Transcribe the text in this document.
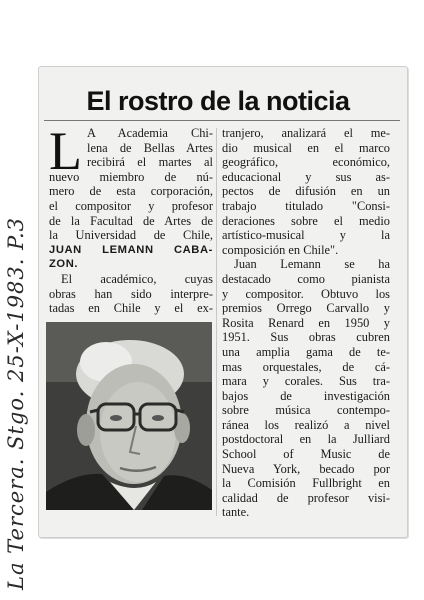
La Tercera. Stgo. 25-X-1983. P.3
El rostro de la noticia
L A Academia Chi-
lena de Bellas Artes
recibirá el martes al
nuevo miembro de nú-
mero de esta corporación,
el compositor y profesor
de la Facultad de Artes de
la Universidad de Chile,
JUAN LEMANN CABA-
ZON.
El académico, cuyas
obras han sido interpre-
tadas en Chile y el ex-
tranjero, analizará el me-
dio musical en el marco
geográfico, económico,
educacional y sus as-
pectos de difusión en un
trabajo titulado "Consi-
deraciones sobre el medio
artístico-musical y la
composición en Chile".
Juan Lemann se ha
destacado como pianista
y compositor. Obtuvo los
premios Orrego Carvallo y
Rosita Renard en 1950 y
1951. Sus obras cubren
una amplia gama de te-
mas orquestales, de cá-
mara y corales. Sus tra-
bajos de investigación
sobre música contempo-
ránea los realizó a nivel
postdoctoral en la Julliard
School of Music de
Nueva York, becado por
la Comisión Fullbright en
calidad de profesor visi-
tante.
